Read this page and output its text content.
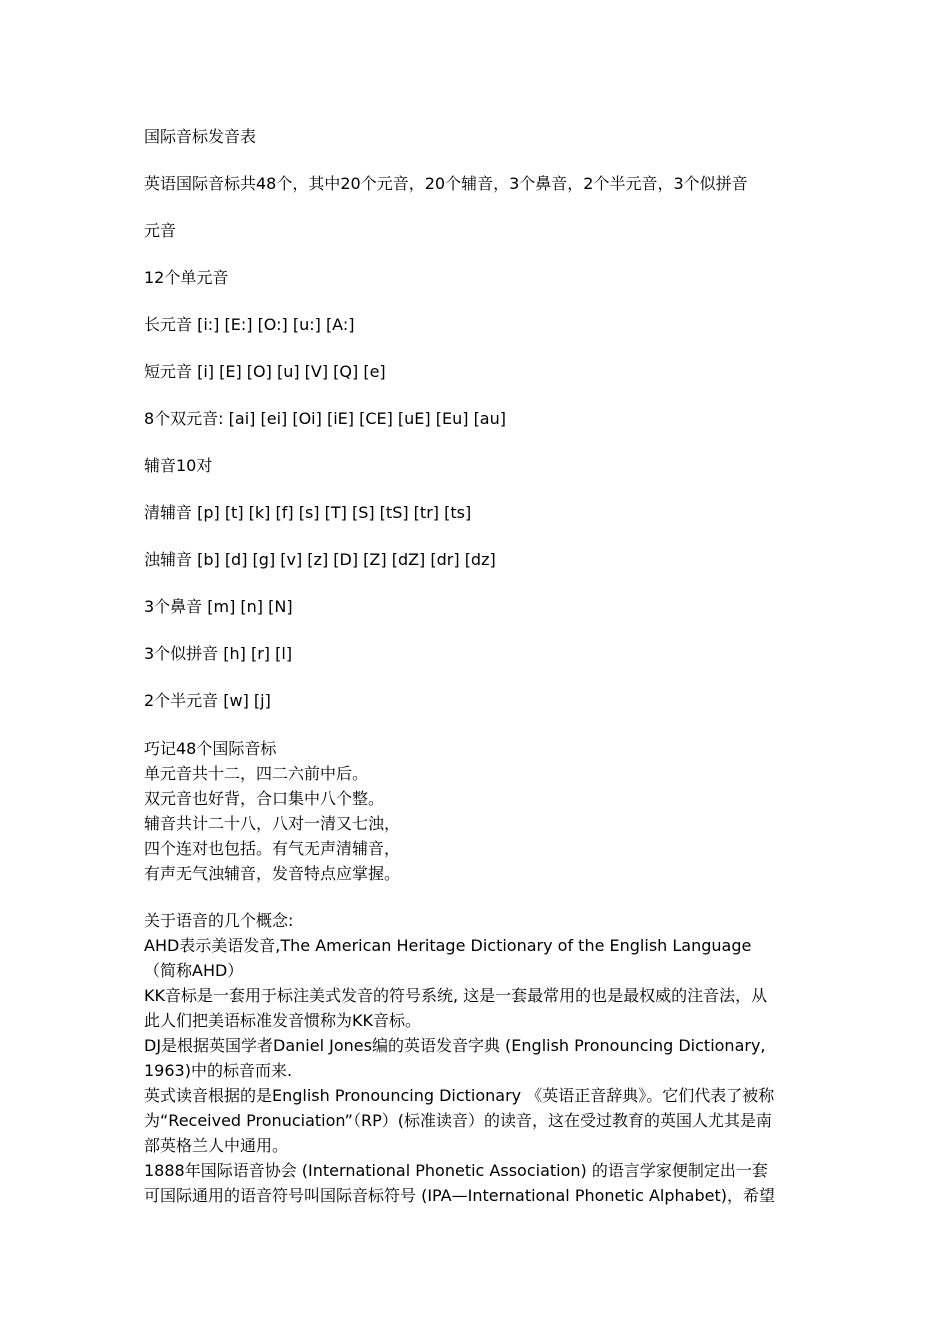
国际音标发音表
英语国际音标共48个，其中20个元音，20个辅音，3个鼻音，2个半元音，3个似拼音
元音
12个单元音
长元音 [i:] [E:] [O:] [u:] [A:]
短元音 [i] [E] [O] [u] [V] [Q] [e]
8个双元音: [ai] [ei] [Oi] [iE] [CE] [uE] [Eu] [au]
辅音10对
清辅音 [p] [t] [k] [f] [s] [T] [S] [tS] [tr] [ts]
浊辅音 [b] [d] [g] [v] [z] [D] [Z] [dZ] [dr] [dz]
3个鼻音 [m] [n] [N]
3个似拼音 [h] [r] [l]
2个半元音 [w] [j]
巧记48个国际音标
单元音共十二，四二六前中后。
双元音也好背，合口集中八个整。
辅音共计二十八，八对一清又七浊，
四个连对也包括。有气无声清辅音，
有声无气浊辅音，发音特点应掌握。
关于语音的几个概念:
AHD表示美语发音,The American Heritage Dictionary of the English Language
（简称AHD）
KK音标是一套用于标注美式发音的符号系统, 这是一套最常用的也是最权威的注音法，从
此人们把美语标准发音惯称为KK音标。
DJ是根据英国学者Daniel Jones编的英语发音字典 (English Pronouncing Dictionary,
1963)中的标音而来.
英式读音根据的是English Pronouncing Dictionary 《英语正音辞典》。它们代表了被称
为“Received Pronuciation”（RP）(标准读音）的读音，这在受过教育的英国人尤其是南
部英格兰人中通用。
1888年国际语音协会 (International Phonetic Association) 的语言学家便制定出一套
可国际通用的语音符号叫国际音标符号 (IPA—International Phonetic Alphabet)，希望
